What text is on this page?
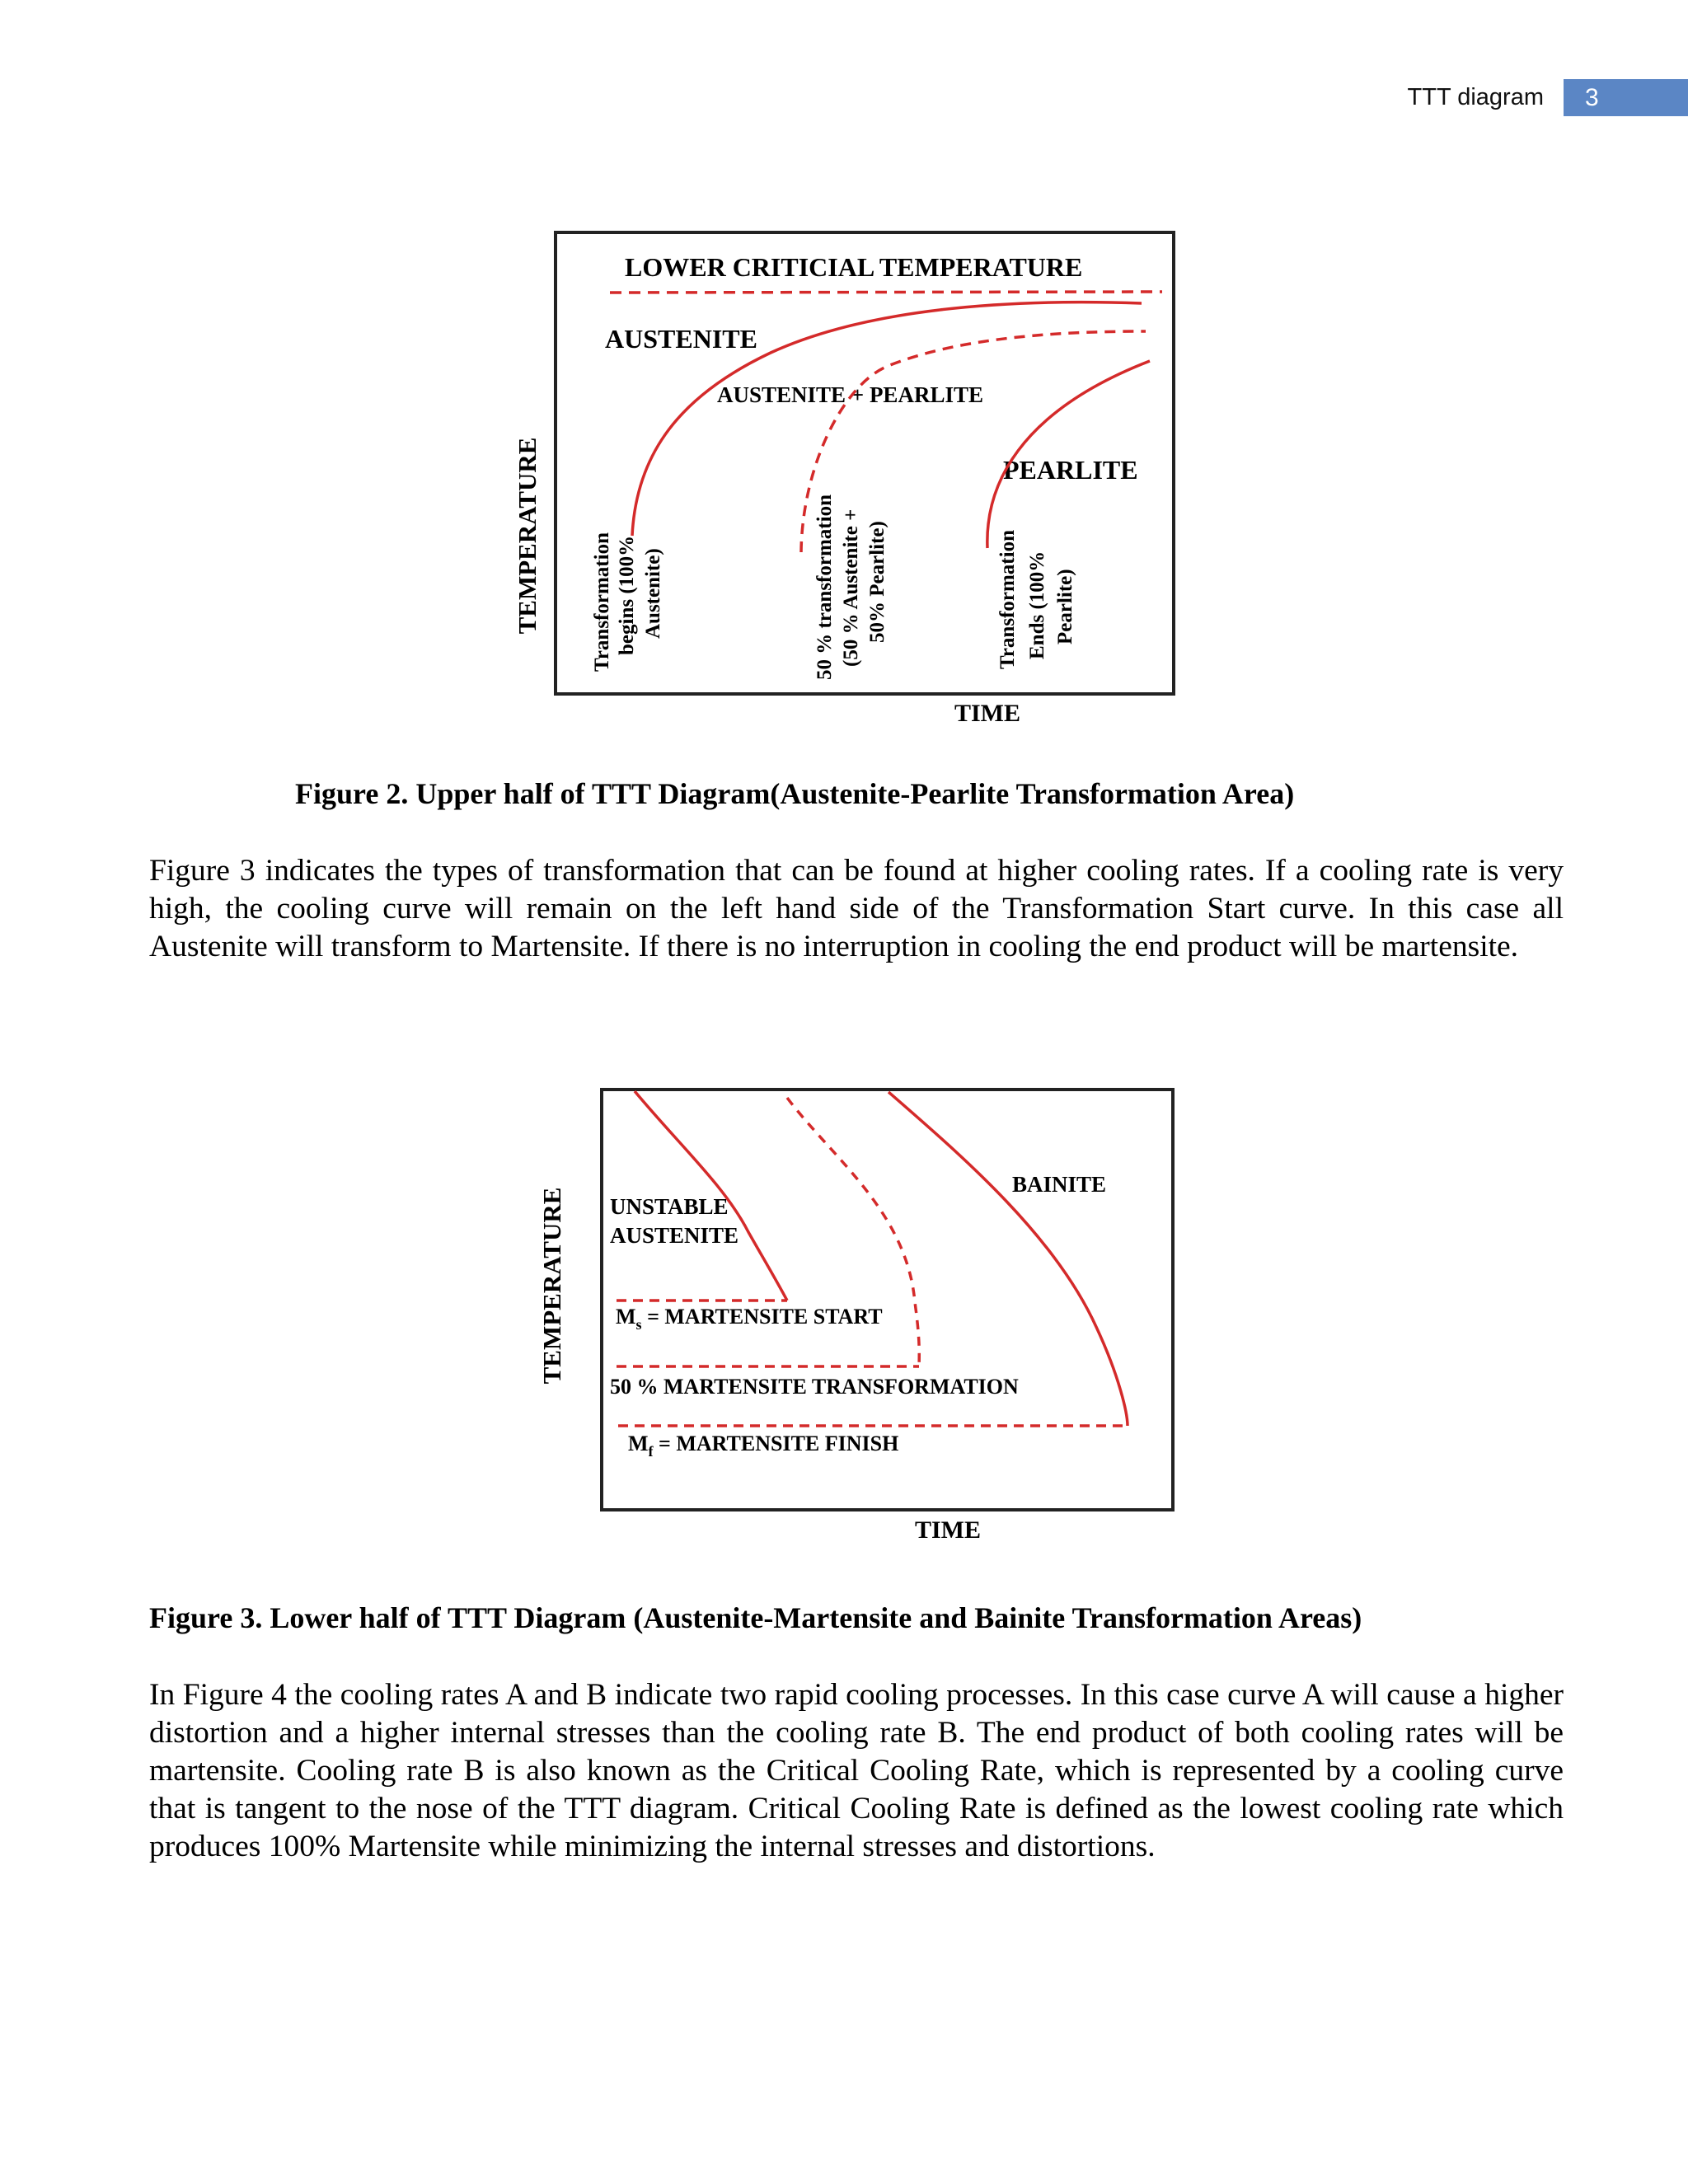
TTT diagram	3
LOWER CRITICIAL TEMPERATURE
AUSTENITE
AUSTENITE + PEARLITE
PEARLITE
TEMPERATURE
TIME
Transformation begins (100% Austenite)	50 % transformation (50 % Austenite + 50% Pearlite)	Transformation Ends (100% Pearlite)
Figure 2. Upper half of TTT Diagram(Austenite-Pearlite Transformation Area)

Figure 3 indicates the types of transformation that can be found at higher cooling rates. If a cooling rate is very high, the cooling curve will remain on the left hand side of the Transformation Start curve. In this case all Austenite will transform to Martensite. If there is no interruption in cooling the end product will be martensite.

UNSTABLE
AUSTENITE
BAINITE
$M_s$ = MARTENSITE START
50 % MARTENSITE TRANSFORMATION
$M_f$ = MARTENSITE FINISH
TEMPERATURE
TIME
Figure 3. Lower half of TTT Diagram (Austenite-Martensite and Bainite Transformation Areas)

In Figure 4 the cooling rates A and B indicate two rapid cooling processes. In this case curve A will cause a higher distortion and a higher internal stresses than the cooling rate B. The end product of both cooling rates will be martensite. Cooling rate B is also known as the Critical Cooling Rate, which is represented by a cooling curve that is tangent to the nose of the TTT diagram. Critical Cooling Rate is defined as the lowest cooling rate which produces 100% Martensite while minimizing the internal stresses and distortions.
